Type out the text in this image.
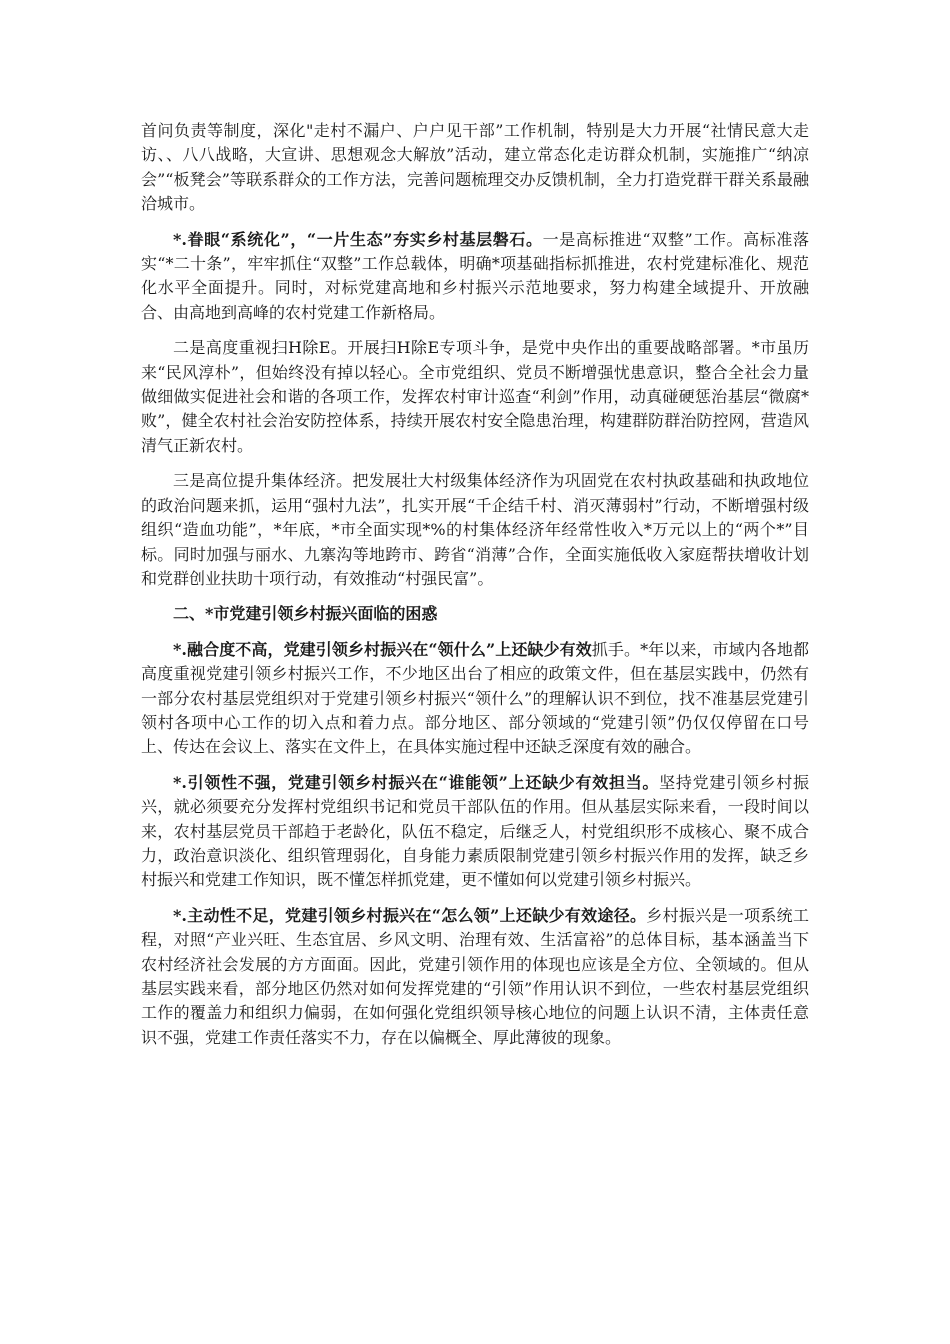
首问负责等制度，深化"走村不漏户、户户见干部”工作机制，特别是大力开展“社情民意大走访、、八八战略，大宣讲、思想观念大解放”活动，建立常态化走访群众机制，实施推广“纳凉会”“板凳会”等联系群众的工作方法，完善问题梳理交办反馈机制，全力打造党群干群关系最融洽城市。

*.眷眼“系统化”，“一片生态”夯实乡村基层磐石。一是高标推进“双整”工作。高标准落实“*二十条”，牢牢抓住“双整”工作总载体，明确*项基础指标抓推进，农村党建标准化、规范化水平全面提升。同时，对标党建高地和乡村振兴示范地要求，努力构建全域提升、开放融合、由高地到高峰的农村党建工作新格局。

二是高度重视扫H除E。开展扫H除E专项斗争，是党中央作出的重要战略部署。*市虽历来“民风淳朴”，但始终没有掉以轻心。全市党组织、党员不断增强忧患意识，整合全社会力量做细做实促进社会和谐的各项工作，发挥农村审计巡查“利剑”作用，动真碰硬惩治基层“微腐*败”，健全农村社会治安防控体系，持续开展农村安全隐患治理，构建群防群治防控网，营造风清气正新农村。

三是高位提升集体经济。把发展壮大村级集体经济作为巩固党在农村执政基础和执政地位的政治问题来抓，运用“强村九法”，扎实开展“千企结千村、消灭薄弱村”行动，不断增强村级组织“造血功能”，*年底，*市全面实现*%的村集体经济年经常性收入*万元以上的“两个*”目标。同时加强与丽水、九寨沟等地跨市、跨省“消薄”合作，全面实施低收入家庭帮扶增收计划和党群创业扶助十项行动，有效推动“村强民富”。

二、*市党建引领乡村振兴面临的困惑

*.融合度不高，党建引领乡村振兴在“领什么”上还缺少有效抓手。*年以来，市域内各地都高度重视党建引领乡村振兴工作，不少地区出台了相应的政策文件，但在基层实践中，仍然有一部分农村基层党组织对于党建引领乡村振兴“领什么”的理解认识不到位，找不准基层党建引领村各项中心工作的切入点和着力点。部分地区、部分领域的“党建引领”仍仅仅停留在口号上、传达在会议上、落实在文件上，在具体实施过程中还缺乏深度有效的融合。

*.引领性不强，党建引领乡村振兴在“谁能领”上还缺少有效担当。坚持党建引领乡村振兴，就必须要充分发挥村党组织书记和党员干部队伍的作用。但从基层实际来看，一段时间以来，农村基层党员干部趋于老龄化，队伍不稳定，后继乏人，村党组织形不成核心、聚不成合力，政治意识淡化、组织管理弱化，自身能力素质限制党建引领乡村振兴作用的发挥，缺乏乡村振兴和党建工作知识，既不懂怎样抓党建，更不懂如何以党建引领乡村振兴。

*.主动性不足，党建引领乡村振兴在“怎么领”上还缺少有效途径。乡村振兴是一项系统工程，对照“产业兴旺、生态宜居、乡风文明、治理有效、生活富裕”的总体目标，基本涵盖当下农村经济社会发展的方方面面。因此，党建引领作用的体现也应该是全方位、全领域的。但从基层实践来看，部分地区仍然对如何发挥党建的“引领”作用认识不到位，一些农村基层党组织工作的覆盖力和组织力偏弱，在如何强化党组织领导核心地位的问题上认识不清，主体责任意识不强，党建工作责任落实不力，存在以偏概全、厚此薄彼的现象。
